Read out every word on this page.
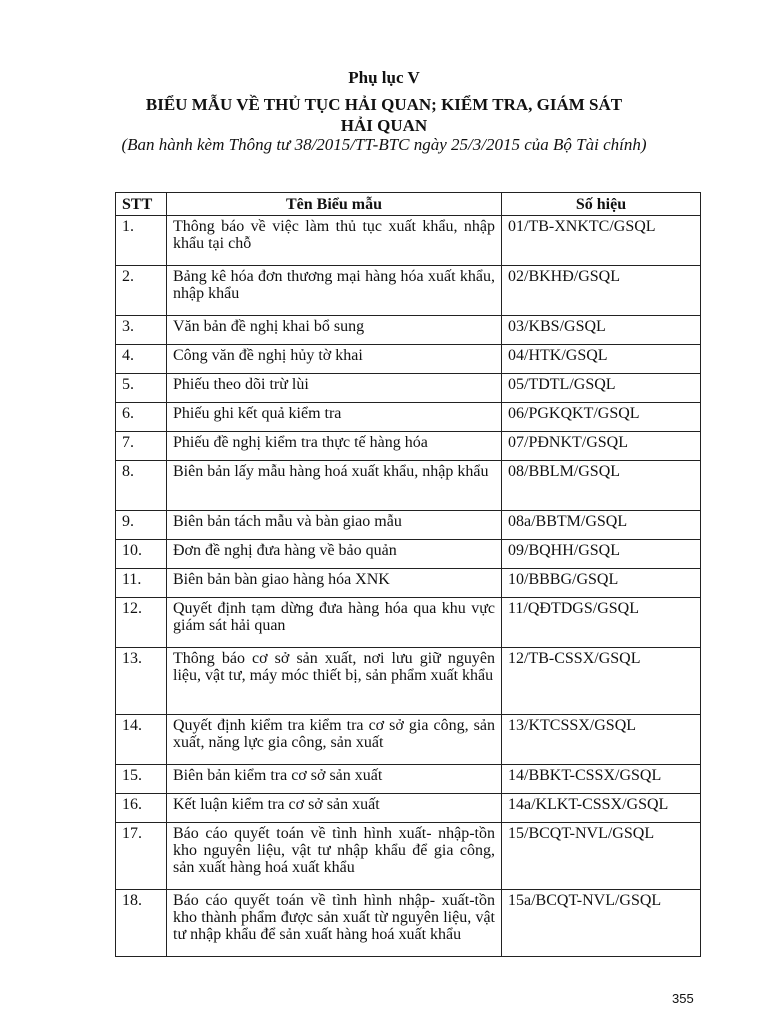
Phụ lục V
BIỂU MẪU VỀ THỦ TỤC HẢI QUAN; KIỂM TRA, GIÁM SÁT
HẢI QUAN
(Ban hành kèm Thông tư 38/2015/TT-BTC ngày 25/3/2015 của Bộ Tài chính)
STT	Tên Biểu mẫu	Số hiệu
1.	Thông báo về việc làm thủ tục xuất khẩu, nhập khẩu tại chỗ	01/TB-XNKTC/GSQL
2.	Bảng kê hóa đơn thương mại hàng hóa xuất khẩu, nhập khẩu	02/BKHĐ/GSQL
3.	Văn bản đề nghị khai bổ sung	03/KBS/GSQL
4.	Công văn đề nghị hủy tờ khai	04/HTK/GSQL
5.	Phiếu theo dõi trừ lùi	05/TDTL/GSQL
6.	Phiếu ghi kết quả kiểm tra	06/PGKQKT/GSQL
7.	Phiếu đề nghị kiểm tra thực tế hàng hóa	07/PĐNKT/GSQL
8.	Biên bản lấy mẫu hàng hoá xuất khẩu, nhập khẩu	08/BBLM/GSQL
9.	Biên bản tách mẫu và bàn giao mẫu	08a/BBTM/GSQL
10.	Đơn đề nghị đưa hàng về bảo quản	09/BQHH/GSQL
11.	Biên bản bàn giao hàng hóa XNK	10/BBBG/GSQL
12.	Quyết định tạm dừng đưa hàng hóa qua khu vực giám sát hải quan	11/QĐTDGS/GSQL
13.	Thông báo cơ sở sản xuất, nơi lưu giữ nguyên liệu, vật tư, máy móc thiết bị, sản phẩm xuất khẩu	12/TB-CSSX/GSQL
14.	Quyết định kiểm tra kiểm tra cơ sở gia công, sản xuất, năng lực gia công, sản xuất	13/KTCSSX/GSQL
15.	Biên bản kiểm tra cơ sở sản xuất	14/BBKT-CSSX/GSQL
16.	Kết luận kiểm tra cơ sở sản xuất	14a/KLKT-CSSX/GSQL
17.	Báo cáo quyết toán về tình hình xuất- nhập-tồn kho nguyên liệu, vật tư nhập khẩu để gia công, sản xuất hàng hoá xuất khẩu	15/BCQT-NVL/GSQL
18.	Báo cáo quyết toán về tình hình nhập- xuất-tồn kho thành phẩm được sản xuất từ nguyên liệu, vật tư nhập khẩu để sản xuất hàng hoá xuất khẩu	15a/BCQT-NVL/GSQL
355
